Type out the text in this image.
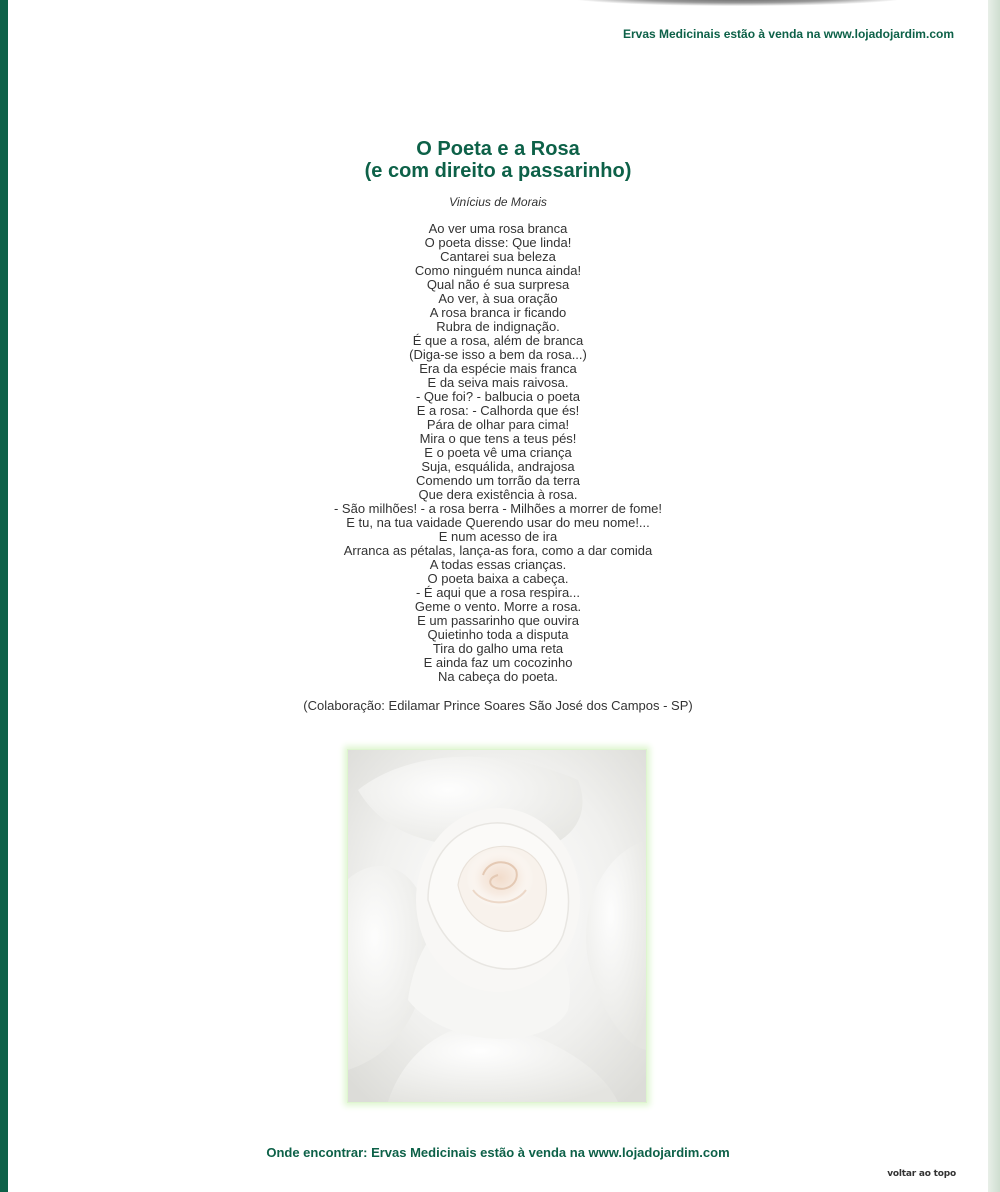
Ervas Medicinais estão à venda na www.lojadojardim.com
O Poeta e a Rosa
(e com direito a passarinho)
Vinícius de Morais
Ao ver uma rosa branca
O poeta disse: Que linda!
Cantarei sua beleza
Como ninguém nunca ainda!
Qual não é sua surpresa
Ao ver, à sua oração
A rosa branca ir ficando
Rubra de indignação.
É que a rosa, além de branca
(Diga-se isso a bem da rosa...)
Era da espécie mais franca
E da seiva mais raivosa.
- Que foi? - balbucia o poeta
E a rosa: - Calhorda que és!
Pára de olhar para cima!
Mira o que tens a teus pés!
E o poeta vê uma criança
Suja, esquálida, andrajosa
Comendo um torrão da terra
Que dera existência à rosa.
- São milhões! - a rosa berra - Milhões a morrer de fome!
E tu, na tua vaidade Querendo usar do meu nome!...
E num acesso de ira
Arranca as pétalas, lança-as fora, como a dar comida
A todas essas crianças.
O poeta baixa a cabeça.
- É aqui que a rosa respira...
Geme o vento. Morre a rosa.
E um passarinho que ouvira
Quietinho toda a disputa
Tira do galho uma reta
E ainda faz um cocozinho
Na cabeça do poeta.
(Colaboração: Edilamar Prince Soares São José dos Campos - SP)
Onde encontrar: Ervas Medicinais estão à venda na www.lojadojardim.com
voltar ao topo
